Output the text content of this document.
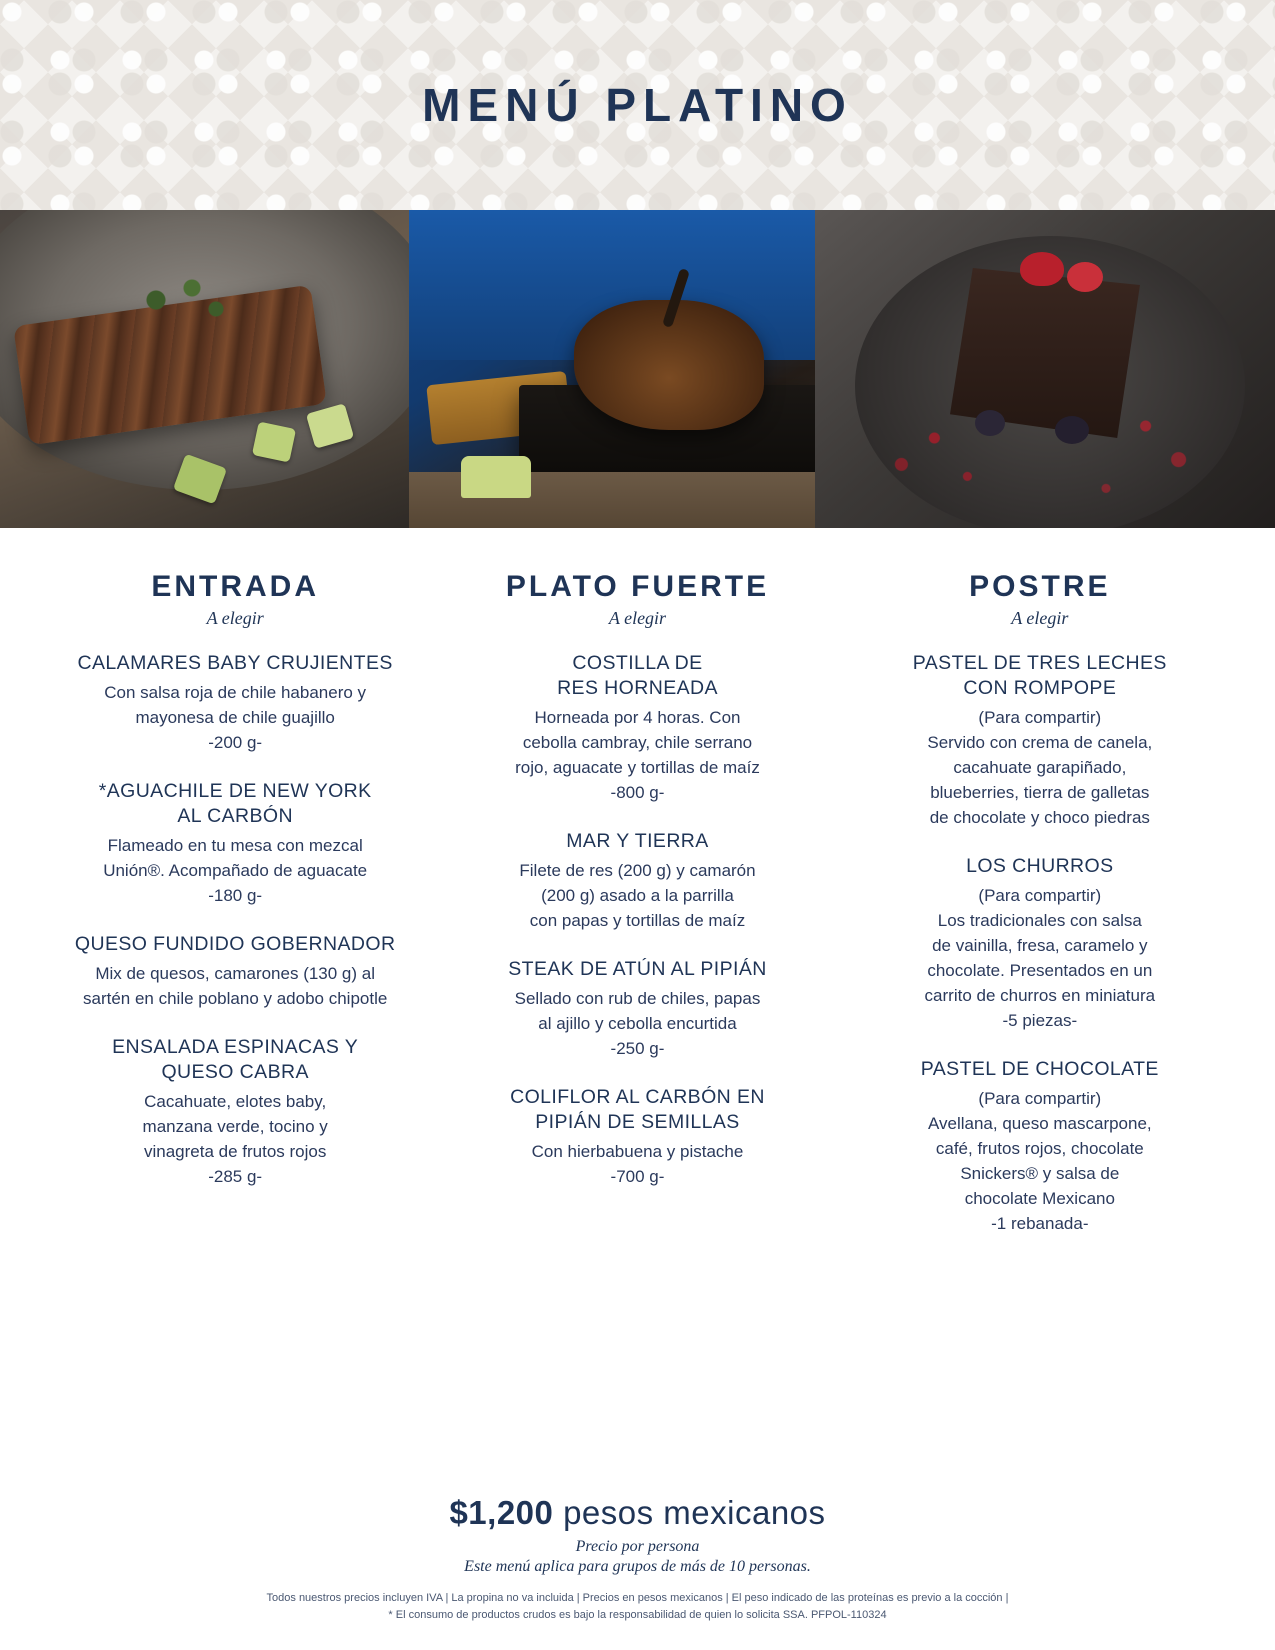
MENÚ PLATINO
ENTRADA
A elegir
CALAMARES BABY CRUJIENTES
Con salsa roja de chile habanero y
mayonesa de chile guajillo
-200 g-
*AGUACHILE DE NEW YORK
AL CARBÓN
Flameado en tu mesa con mezcal
Unión®. Acompañado de aguacate
-180 g-
QUESO FUNDIDO GOBERNADOR
Mix de quesos, camarones (130 g) al
sartén en chile poblano y adobo chipotle
ENSALADA ESPINACAS Y
QUESO CABRA
Cacahuate, elotes baby,
manzana verde, tocino y
vinagreta de frutos rojos
-285 g-
PLATO FUERTE
A elegir
COSTILLA DE
RES HORNEADA
Horneada por 4 horas. Con
cebolla cambray, chile serrano
rojo, aguacate y tortillas de maíz
-800 g-
MAR Y TIERRA
Filete de res (200 g) y camarón
(200 g) asado a la parrilla
con papas y tortillas de maíz
STEAK DE ATÚN AL PIPIÁN
Sellado con rub de chiles, papas
al ajillo y cebolla encurtida
-250 g-
COLIFLOR AL CARBÓN EN
PIPIÁN DE SEMILLAS
Con hierbabuena y pistache
-700 g-
POSTRE
A elegir
PASTEL DE TRES LECHES
CON ROMPOPE
(Para compartir)
Servido con crema de canela,
cacahuate garapiñado,
blueberries, tierra de galletas
de chocolate y choco piedras
LOS CHURROS
(Para compartir)
Los tradicionales con salsa
de vainilla, fresa, caramelo y
chocolate. Presentados en un
carrito de churros en miniatura
-5 piezas-
PASTEL DE CHOCOLATE
(Para compartir)
Avellana, queso mascarpone,
café, frutos rojos, chocolate
Snickers® y salsa de
chocolate Mexicano
-1 rebanada-
$1,200 pesos mexicanos
Precio por persona
Este menú aplica para grupos de más de 10 personas.
Todos nuestros precios incluyen IVA | La propina no va incluida | Precios en pesos mexicanos | El peso indicado de las proteínas es previo a la cocción |
* El consumo de productos crudos es bajo la responsabilidad de quien lo solicita SSA. PFPOL-110324
